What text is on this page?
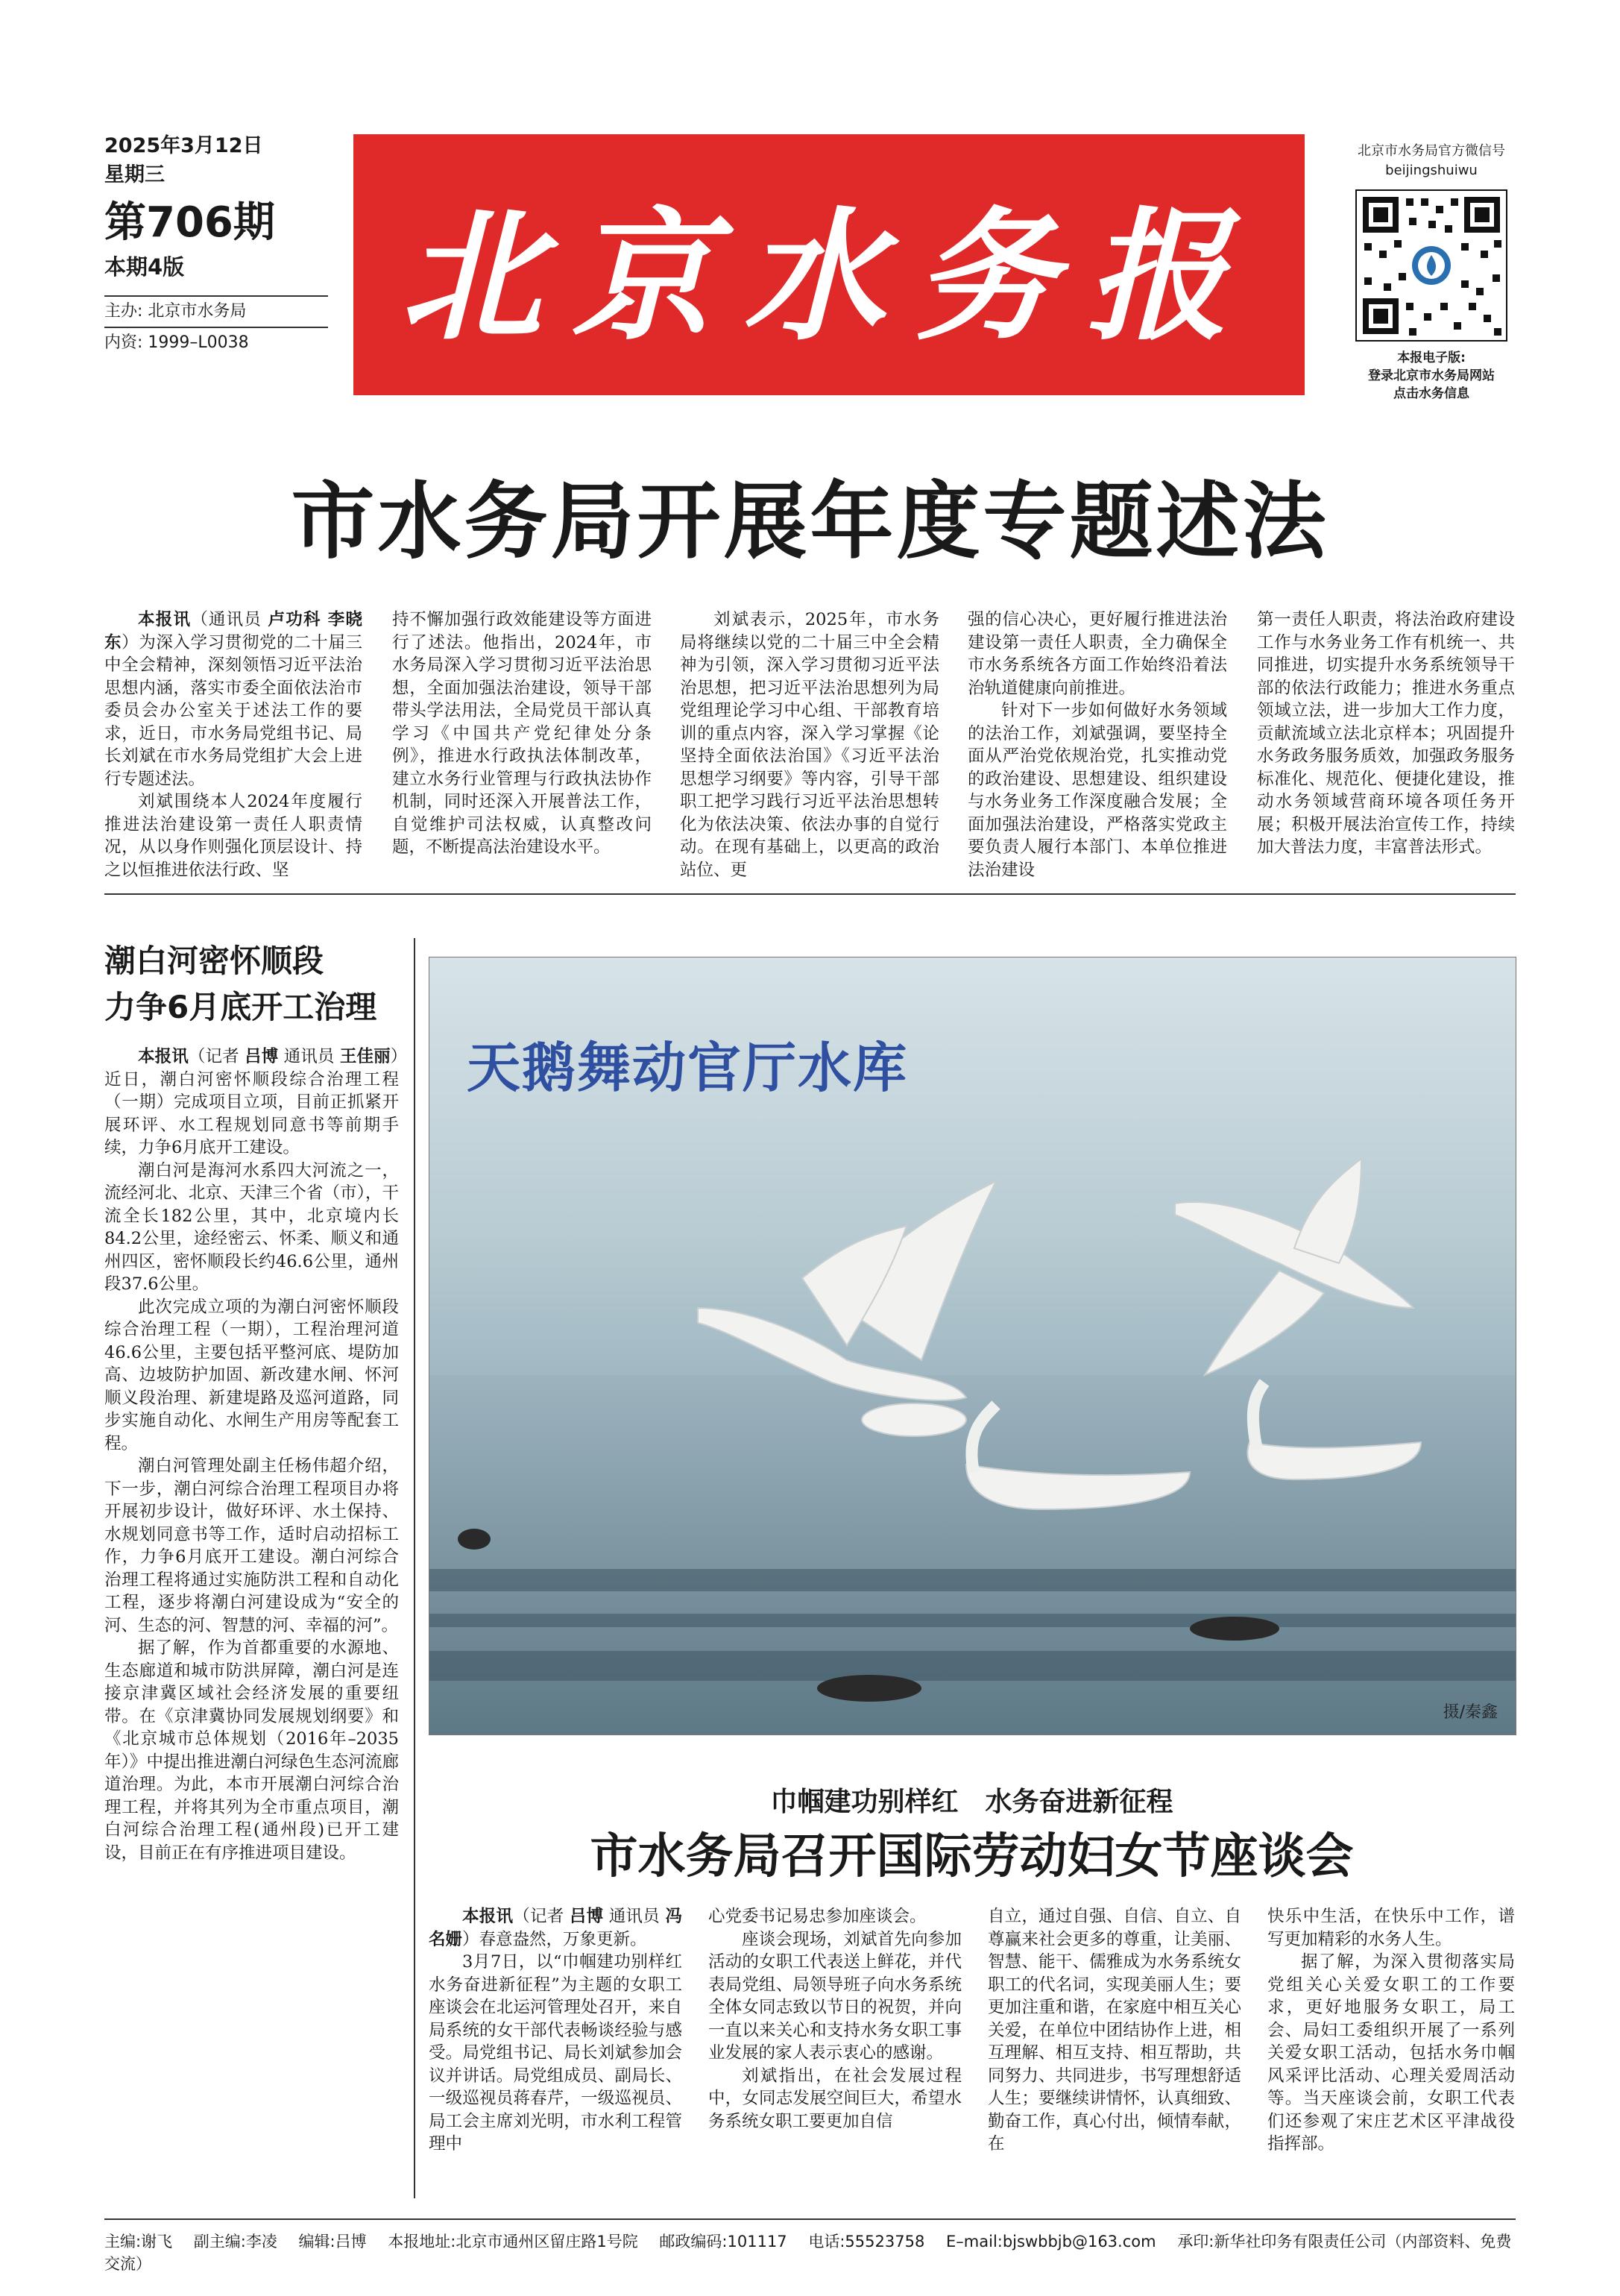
2025年3月12日
星期三
第706期
本期4版
主办: 北京市水务局
内资: 1999–L0038	北京水务报
北京市水务局官方微信号
beijingshuiwu
本报电子版:
登录北京市水务局网站
点击水务信息
市水务局开展年度专题述法

本报讯（通讯员 卢功科 李晓东）为深入学习贯彻党的二十届三中全会精神，深刻领悟习近平法治思想内涵，落实市委全面依法治市委员会办公室关于述法工作的要求，近日，市水务局党组书记、局长刘斌在市水务局党组扩大会上进行专题述法。

刘斌围绕本人2024年度履行推进法治建设第一责任人职责情况，从以身作则强化顶层设计、持之以恒推进依法行政、坚

持不懈加强行政效能建设等方面进行了述法。他指出，2024年，市水务局深入学习贯彻习近平法治思想，全面加强法治建设，领导干部带头学法用法，全局党员干部认真学习《中国共产党纪律处分条例》，推进水行政执法体制改革，建立水务行业管理与行政执法协作机制，同时还深入开展普法工作，自觉维护司法权威，认真整改问题，不断提高法治建设水平。

刘斌表示，2025年，市水务局将继续以党的二十届三中全会精神为引领，深入学习贯彻习近平法治思想，把习近平法治思想列为局党组理论学习中心组、干部教育培训的重点内容，深入学习掌握《论坚持全面依法治国》《习近平法治思想学习纲要》等内容，引导干部职工把学习践行习近平法治思想转化为依法决策、依法办事的自觉行动。在现有基础上，以更高的政治站位、更

强的信心决心，更好履行推进法治建设第一责任人职责，全力确保全市水务系统各方面工作始终沿着法治轨道健康向前推进。

针对下一步如何做好水务领域的法治工作，刘斌强调，要坚持全面从严治党依规治党，扎实推动党的政治建设、思想建设、组织建设与水务业务工作深度融合发展；全面加强法治建设，严格落实党政主要负责人履行本部门、本单位推进法治建设

第一责任人职责，将法治政府建设工作与水务业务工作有机统一、共同推进，切实提升水务系统领导干部的依法行政能力；推进水务重点领域立法，进一步加大工作力度，贡献流域立法北京样本；巩固提升水务政务服务质效，加强政务服务标准化、规范化、便捷化建设，推动水务领域营商环境各项任务开展；积极开展法治宣传工作，持续加大普法力度，丰富普法形式。

潮白河密怀顺段
力争6月底开工治理

本报讯（记者 吕博 通讯员 王佳丽）近日，潮白河密怀顺段综合治理工程（一期）完成项目立项，目前正抓紧开展环评、水工程规划同意书等前期手续，力争6月底开工建设。

潮白河是海河水系四大河流之一，流经河北、北京、天津三个省（市），干流全长182公里，其中，北京境内长84.2公里，途经密云、怀柔、顺义和通州四区，密怀顺段长约46.6公里，通州段37.6公里。

此次完成立项的为潮白河密怀顺段综合治理工程（一期），工程治理河道46.6公里，主要包括平整河底、堤防加高、边坡防护加固、新改建水闸、怀河顺义段治理、新建堤路及巡河道路，同步实施自动化、水闸生产用房等配套工程。

潮白河管理处副主任杨伟超介绍，下一步，潮白河综合治理工程项目办将开展初步设计，做好环评、水土保持、水规划同意书等工作，适时启动招标工作，力争6月底开工建设。潮白河综合治理工程将通过实施防洪工程和自动化工程，逐步将潮白河建设成为“安全的河、生态的河、智慧的河、幸福的河”。

据了解，作为首都重要的水源地、生态廊道和城市防洪屏障，潮白河是连接京津冀区域社会经济发展的重要纽带。在《京津冀协同发展规划纲要》和《北京城市总体规划（2016年–2035年）》中提出推进潮白河绿色生态河流廊道治理。为此，本市开展潮白河综合治理工程，并将其列为全市重点项目，潮白河综合治理工程(通州段)已开工建设，目前正在有序推进项目建设。

天鹅舞动官厅水库
摄/秦鑫
巾帼建功别样红　水务奋进新征程
市水务局召开国际劳动妇女节座谈会

本报讯（记者 吕博 通讯员 冯名姗）春意盎然，万象更新。

3月7日，以“巾帼建功别样红 水务奋进新征程”为主题的女职工座谈会在北运河管理处召开，来自局系统的女干部代表畅谈经验与感受。局党组书记、局长刘斌参加会议并讲话。局党组成员、副局长、一级巡视员蒋春芹，一级巡视员、局工会主席刘光明，市水利工程管理中

心党委书记易忠参加座谈会。

座谈会现场，刘斌首先向参加活动的女职工代表送上鲜花，并代表局党组、局领导班子向水务系统全体女同志致以节日的祝贺，并向一直以来关心和支持水务女职工事业发展的家人表示衷心的感谢。

刘斌指出，在社会发展过程中，女同志发展空间巨大，希望水务系统女职工要更加自信

自立，通过自强、自信、自立、自尊赢来社会更多的尊重，让美丽、智慧、能干、儒雅成为水务系统女职工的代名词，实现美丽人生；要更加注重和谐，在家庭中相互关心关爱，在单位中团结协作上进，相互理解、相互支持、相互帮助，共同努力、共同进步，书写理想舒适人生；要继续讲情怀，认真细致、勤奋工作，真心付出，倾情奉献，在

快乐中生活，在快乐中工作，谱写更加精彩的水务人生。

据了解，为深入贯彻落实局党组关心关爱女职工的工作要求，更好地服务女职工，局工会、局妇工委组织开展了一系列关爱女职工活动，包括水务巾帼风采评比活动、心理关爱周活动等。当天座谈会前，女职工代表们还参观了宋庄艺术区平津战役指挥部。

主编:谢飞 副主编:李凌 编辑:吕博 本报地址:北京市通州区留庄路1号院 邮政编码:101117 电话:55523758 E–mail:bjswbbjb@163.com 承印:新华社印务有限责任公司（内部资料、免费交流）
